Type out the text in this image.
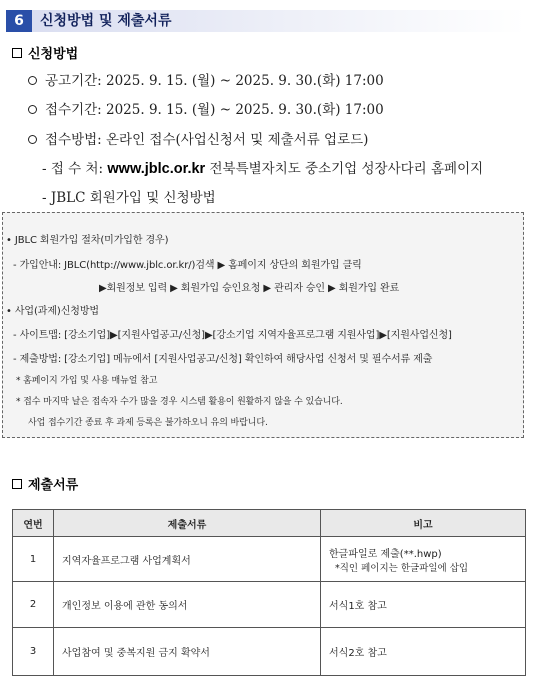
6	신청방법 및 제출서류
신청방법
공고기간: 2025. 9. 15. (월) ~ 2025. 9. 30.(화) 17:00
접수기간: 2025. 9. 15. (월) ~ 2025. 9. 30.(화) 17:00
접수방법: 온라인 접수(사업신청서 및 제출서류 업로드)
- 접 수 처: www.jblc.or.kr 전북특별자치도 중소기업 성장사다리 홈페이지
- JBLC 회원가입 및 신청방법
• JBLC 회원가입 절차(미가입한 경우)
- 가입안내: JBLC(http://www.jblc.or.kr/)검색 ▶ 홈페이지 상단의 회원가입 클릭
▶회원정보 입력 ▶ 회원가입 승인요청 ▶ 관리자 승인 ▶ 회원가입 완료
• 사업(과제)신청방법
- 사이트맵: [강소기업]▶[지원사업공고/신청]▶[강소기업 지역자율프로그램 지원사업]▶[지원사업신청]
- 제출방법: [강소기업] 메뉴에서 [지원사업공고/신청] 확인하여 해당사업 신청서 및 필수서류 제출
* 홈페이지 가입 및 사용 매뉴얼 참고
* 접수 마지막 날은 접속자 수가 많을 경우 시스템 활용이 원활하지 않을 수 있습니다.
사업 접수기간 종료 후 과제 등록은 불가하오니 유의 바랍니다.
제출서류
연번	제출서류	비고
1	지역자율프로그램 사업계획서	한글파일로 제출(**.hwp)
*직인 페이지는 한글파일에 삽입

2	개인정보 이용에 관한 동의서	서식1호 참고
3	사업참여 및 중복지원 금지 확약서	서식2호 참고
